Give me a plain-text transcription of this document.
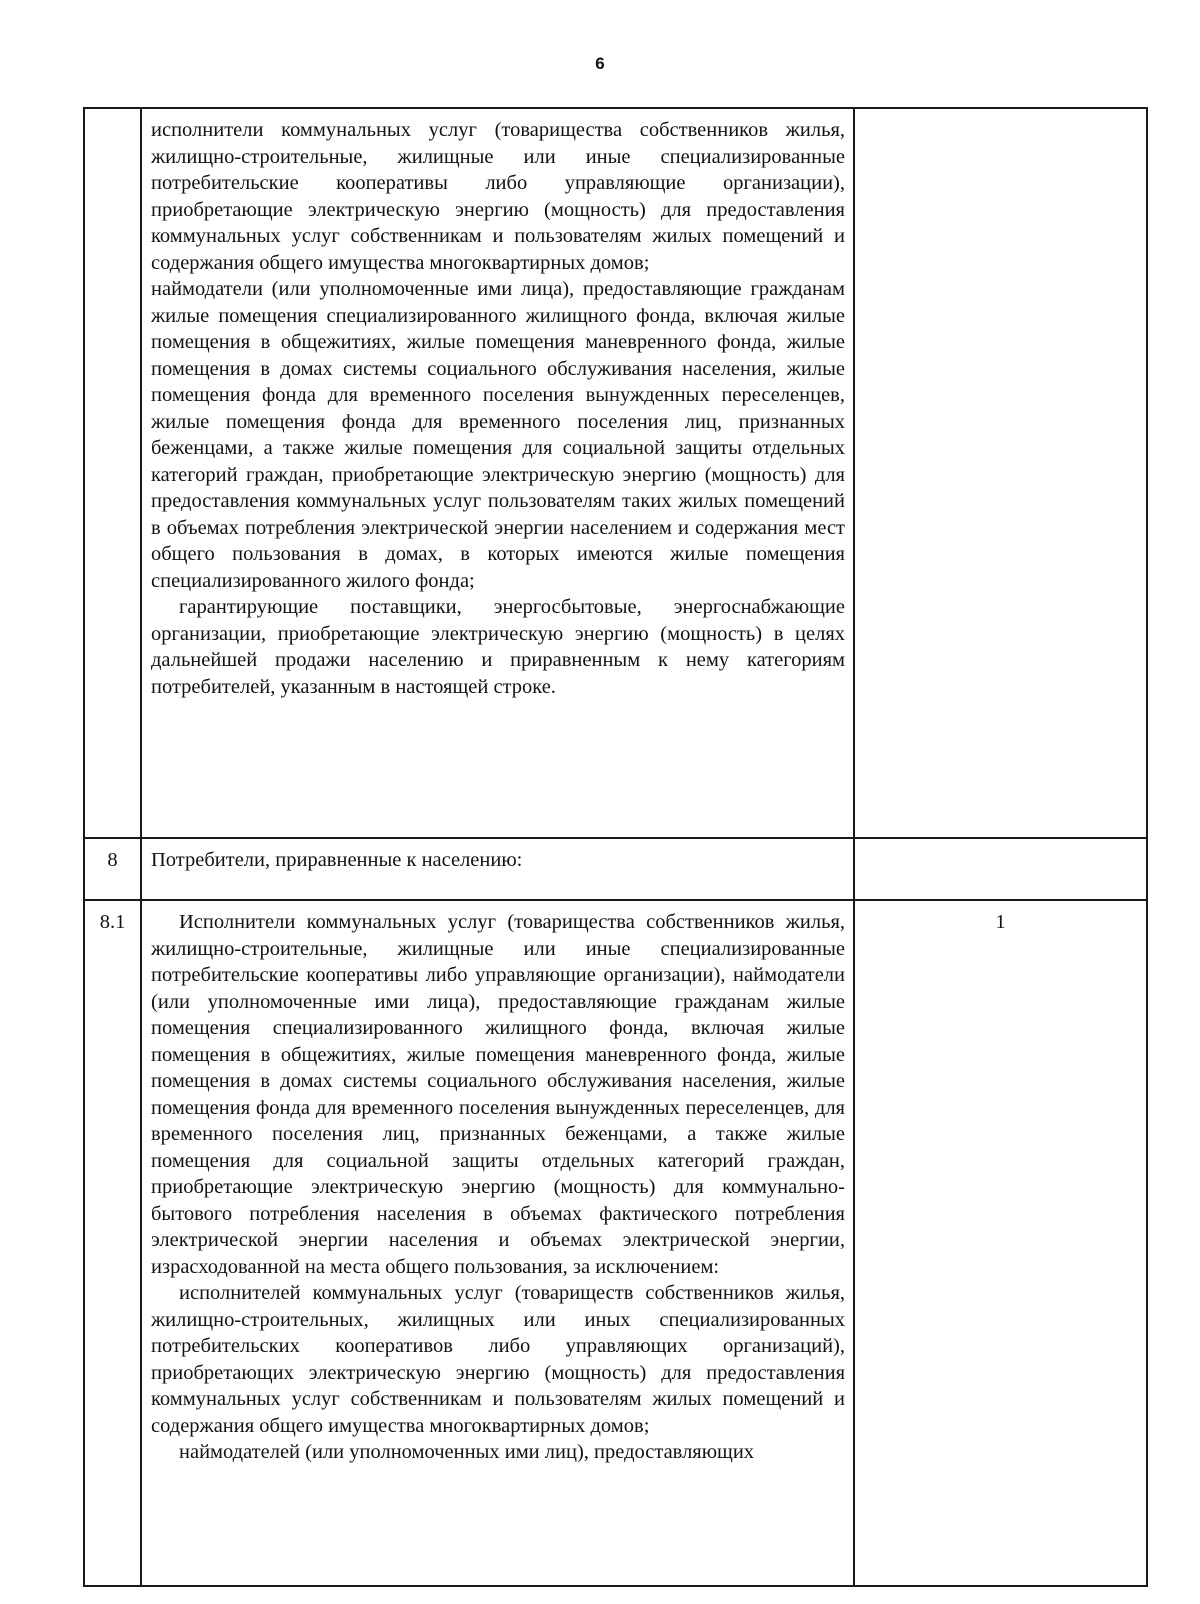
6

	исполнители коммунальных услуг (товарищества собственников жилья, жилищно-строительные, жилищные или иные специализированные потребительские кооперативы либо управляющие организации), приобретающие электрическую энергию (мощность) для предоставления коммунальных услуг собственникам и пользователям жилых помещений и содержания общего имущества многоквартирных домов;

наймодатели (или уполномоченные ими лица), предоставляющие гражданам жилые помещения специализированного жилищного фонда, включая жилые помещения в общежитиях, жилые помещения маневренного фонда, жилые помещения в домах системы социального обслуживания населения, жилые помещения фонда для временного поселения вынужденных переселенцев, жилые помещения фонда для временного поселения лиц, признанных беженцами, а также жилые помещения для социальной защиты отдельных категорий граждан, приобретающие электрическую энергию (мощность) для предоставления коммунальных услуг пользователям таких жилых помещений в объемах потребления электрической энергии населением и содержания мест общего пользования в домах, в которых имеются жилые помещения специализированного жилого фонда;

гарантирующие поставщики, энергосбытовые, энергоснабжающие организации, приобретающие электрическую энергию (мощность) в целях дальнейшей продажи населению и приравненным к нему категориям потребителей, указанным в настоящей строке.	

8	Потребители, приравненные к населению:	

8.1	Исполнители коммунальных услуг (товарищества собственников жилья, жилищно-строительные, жилищные или иные специализированные потребительские кооперативы либо управляющие организации), наймодатели (или уполномоченные ими лица), предоставляющие гражданам жилые помещения специализированного жилищного фонда, включая жилые помещения в общежитиях, жилые помещения маневренного фонда, жилые помещения в домах системы социального обслуживания населения, жилые помещения фонда для временного поселения вынужденных переселенцев, для временного поселения лиц, признанных беженцами, а также жилые помещения для социальной защиты отдельных категорий граждан, приобретающие электрическую энергию (мощность) для коммунально-бытового потребления населения в объемах фактического потребления электрической энергии населения и объемах электрической энергии, израсходованной на места общего пользования, за исключением:

исполнителей коммунальных услуг (товариществ собственников жилья, жилищно-строительных, жилищных или иных специализированных потребительских кооперативов либо управляющих организаций), приобретающих электрическую энергию (мощность) для предоставления коммунальных услуг собственникам и пользователям жилых помещений и содержания общего имущества многоквартирных домов;

наймодателей (или уполномоченных ими лиц), предоставляющих	1
